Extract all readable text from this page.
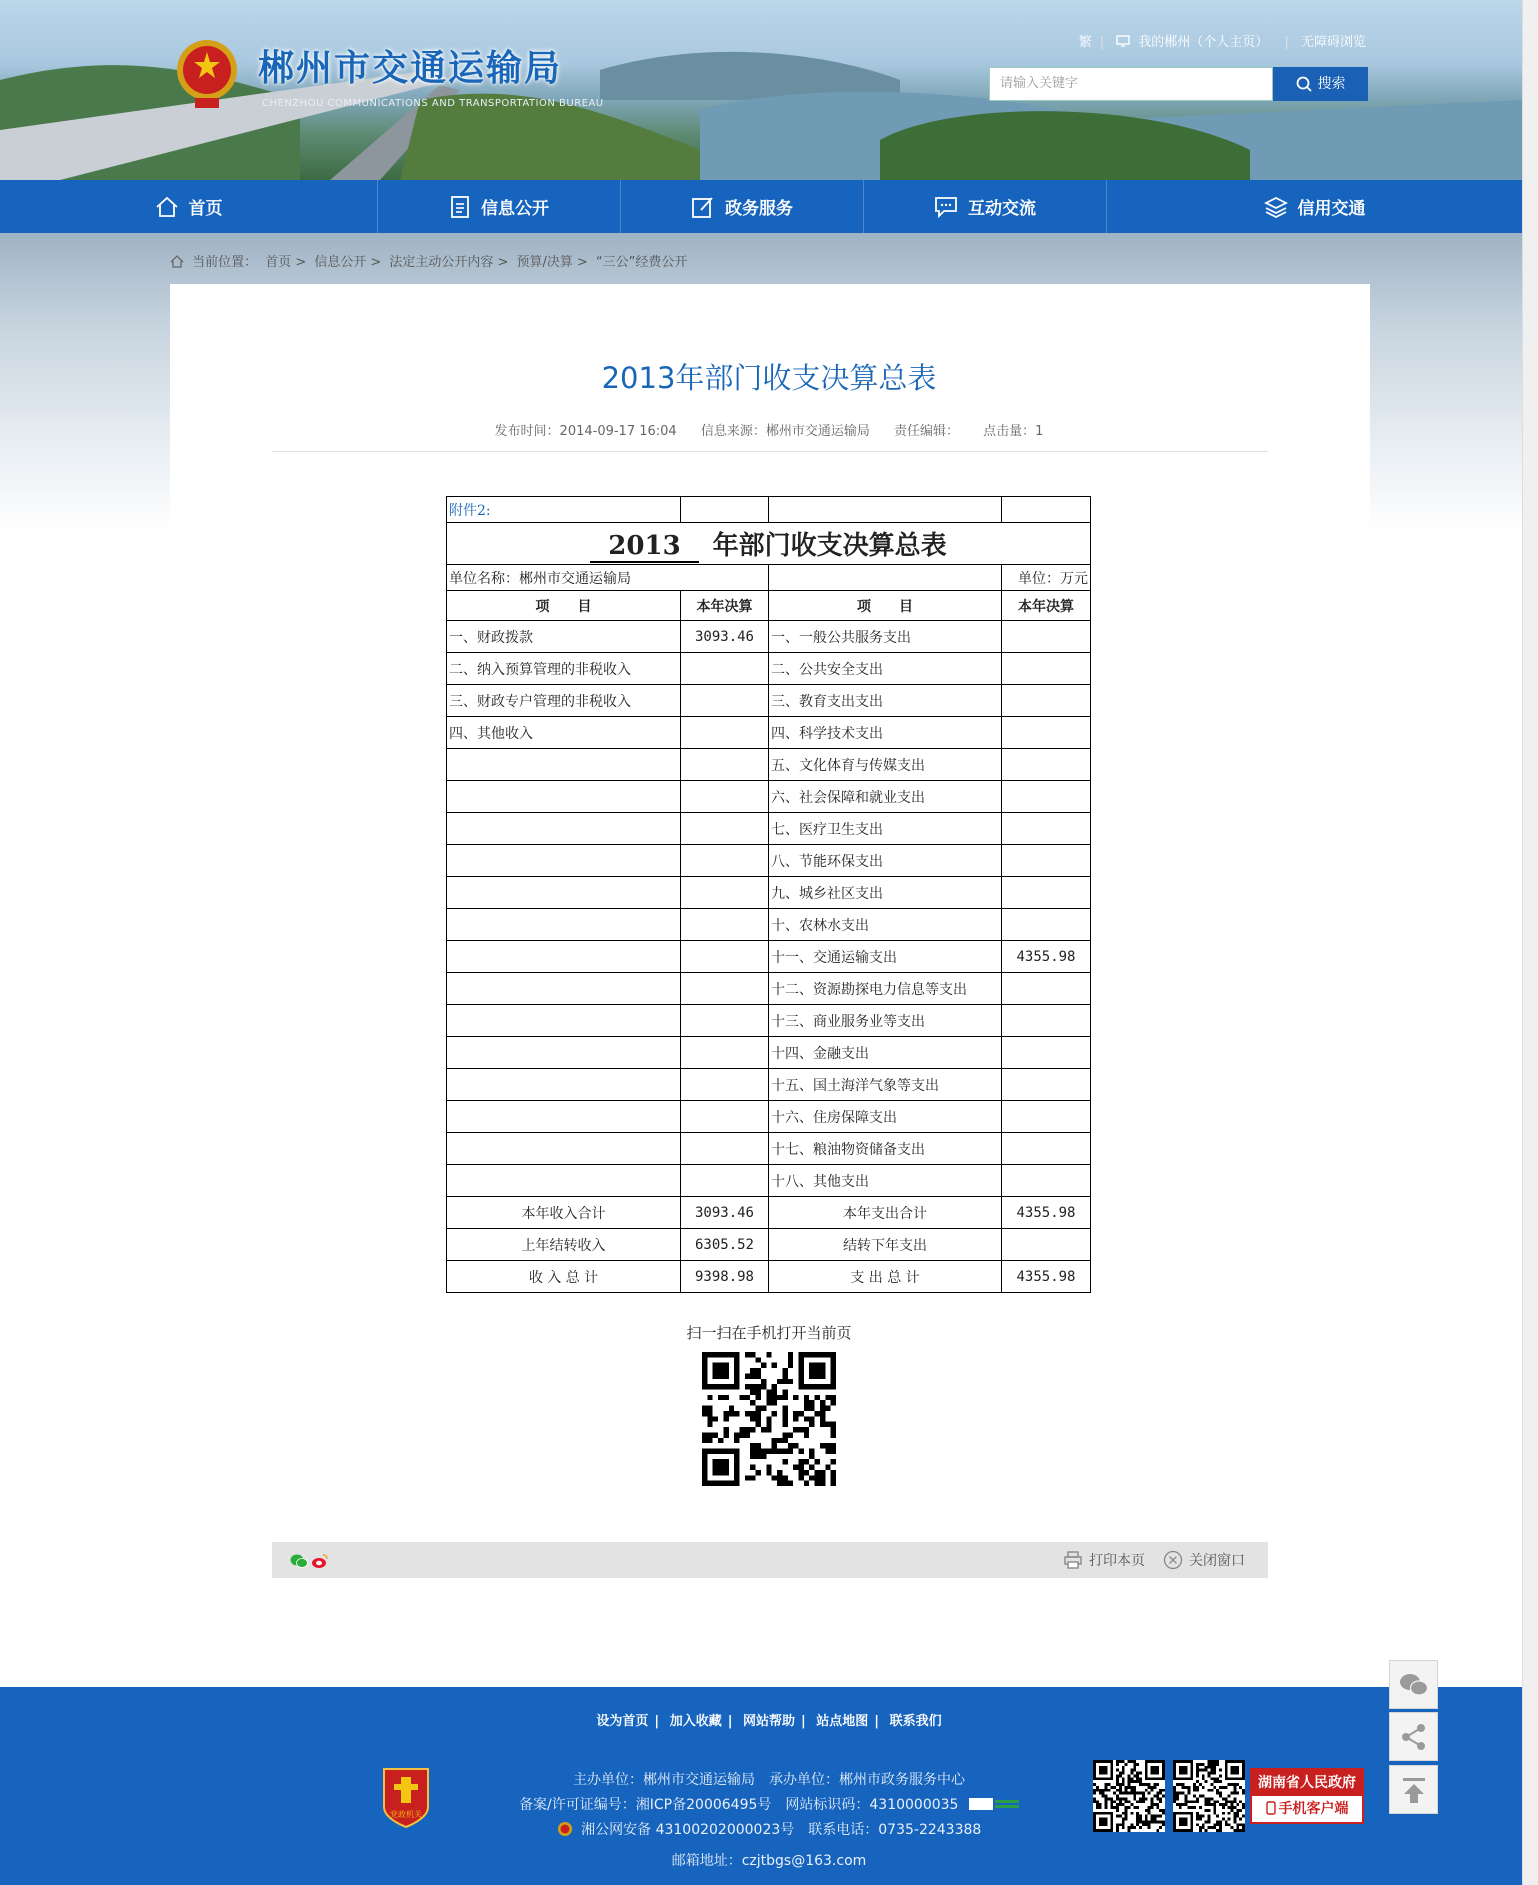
郴州市交通运输局
CHENZHOU COMMUNICATIONS AND TRANSPORTATION BUREAU
繁 |	我的郴州（个人主页） | 无障碍浏览
请输入关键字	搜索
首页	信息公开	政务服务	互动交流	信用交通
当前位置： 首页 > 信息公开 > 法定主动公开内容 > 预算/决算 > “三公”经费公开
2013年部门收支决算总表
发布时间：2014-09-17 16:04 信息来源：郴州市交通运输局 责任编辑： 点击量：1
附件2:			
2013 年部门收支决算总表			
单位名称：郴州市交通运输局			单位：万元
项　　目	本年决算	项　　目	本年决算
一、财政拨款	3093.46	一、一般公共服务支出	
二、纳入预算管理的非税收入		二、公共安全支出	
三、财政专户管理的非税收入		三、教育支出支出	
四、其他收入		四、科学技术支出	
		五、文化体育与传媒支出	
		六、社会保障和就业支出	
		七、医疗卫生支出	
		八、节能环保支出	
		九、城乡社区支出	
		十、农林水支出	
		十一、交通运输支出	4355.98
		十二、资源勘探电力信息等支出	
		十三、商业服务业等支出	
		十四、金融支出	
		十五、国土海洋气象等支出	
		十六、住房保障支出	
		十七、粮油物资储备支出	
		十八、其他支出	
本年收入合计	3093.46	本年支出合计	4355.98
上年结转收入	6305.52	结转下年支出	
收 入 总 计	9398.98	支 出 总 计	4355.98
扫一扫在手机打开当前页
打印本页	关闭窗口
设为首页 | 加入收藏 | 网站帮助 | 站点地图 | 联系我们
党政机关
主办单位：郴州市交通运输局　承办单位：郴州市政务服务中心
备案/许可证编号：湘ICP备20006495号　网站标识码：4310000035
湘公网安备 43100202000023号　联系电话：0735-2243388
邮箱地址：czjtbgs@163.com
湖南省人民政府
手机客户端
